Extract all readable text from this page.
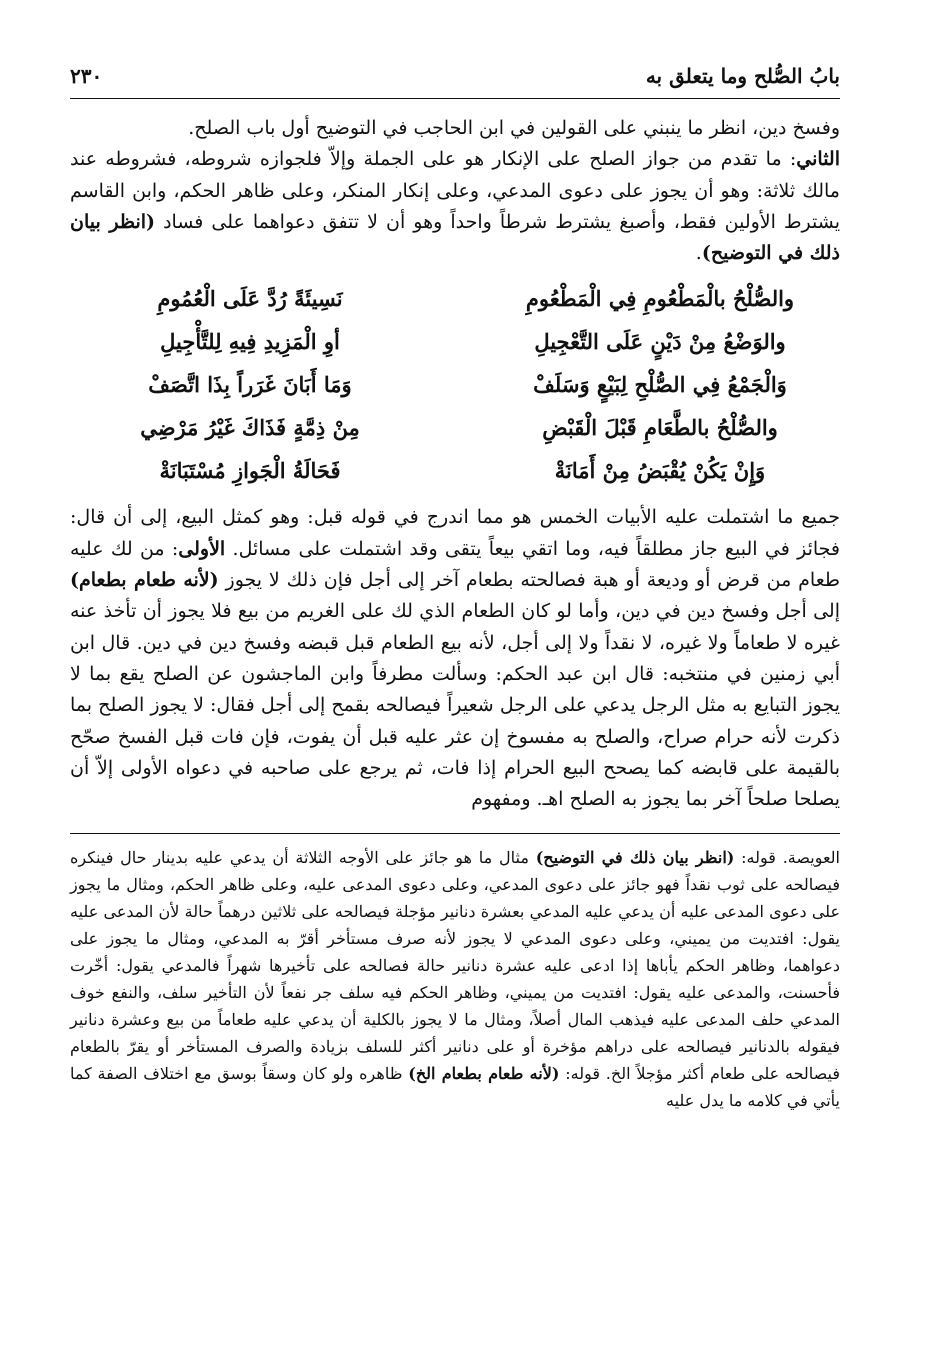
بابُ الصُّلح وما يتعلق به
٢٣٠

وفسخ دين، انظر ما ينبني على القولين في ابن الحاجب في التوضيح أول باب الصلح.

الثاني: ما تقدم من جواز الصلح على الإنكار هو على الجملة وإلاّ فلجوازه شروطه، فشروطه عند مالك ثلاثة: وهو أن يجوز على دعوى المدعي، وعلى إنكار المنكر، وعلى ظاهر الحكم، وابن القاسم يشترط الأولين فقط، وأصبغ يشترط شرطاً واحداً وهو أن لا تتفق دعواهما على فساد (انظر بيان ذلك في التوضيح).

والصُّلْحُ بالْمَطْعُومِ فِي الْمَطْعُومِ
نَسِيئَةً رُدَّ عَلَى الْعُمُومِ
والوَضْعُ مِنْ دَيْنٍ عَلَى التَّعْجِيلِ
أوِ الْمَزِيدِ فِيهِ لِلتَّأْجِيلِ
وَالْجَمْعُ فِي الصُّلْحِ لِبَيْعٍ وَسَلَفْ
وَمَا أَبَانَ غَرَراً بِذَا اتَّصَفْ
والصُّلْحُ بالطَّعَامِ قَبْلَ الْقَبْضِ
مِنْ ذِمَّةٍ فَذَاكَ غَيْرُ مَرْضِي
وَإِنْ يَكُنْ يُقْبَضُ مِنْ أَمَانَةْ
فَحَالَةُ الْجَوازِ مُسْتَبَانَةْ

جميع ما اشتملت عليه الأبيات الخمس هو مما اندرج في قوله قبل: وهو كمثل البيع، إلى أن قال: فجائز في البيع جاز مطلقاً فيه، وما اتقي بيعاً يتقى وقد اشتملت على مسائل. الأولى: من لك عليه طعام من قرض أو وديعة أو هبة فصالحته بطعام آخر إلى أجل فإن ذلك لا يجوز (لأنه طعام بطعام) إلى أجل وفسخ دين في دين، وأما لو كان الطعام الذي لك على الغريم من بيع فلا يجوز أن تأخذ عنه غيره لا طعاماً ولا غيره، لا نقداً ولا إلى أجل، لأنه بيع الطعام قبل قبضه وفسخ دين في دين. قال ابن أبي زمنين في منتخبه: قال ابن عبد الحكم: وسألت مطرفاً وابن الماجشون عن الصلح يقع بما لا يجوز التبايع به مثل الرجل يدعي على الرجل شعيراً فيصالحه بقمح إلى أجل فقال: لا يجوز الصلح بما ذكرت لأنه حرام صراح، والصلح به مفسوخ إن عثر عليه قبل أن يفوت، فإن فات قبل الفسخ صحّح بالقيمة على قابضه كما يصحح البيع الحرام إذا فات، ثم يرجع على صاحبه في دعواه الأولى إلاّ أن يصلحا صلحاً آخر بما يجوز به الصلح اهـ. ومفهوم

العويصة. قوله: (انظر بيان ذلك في التوضيح) مثال ما هو جائز على الأوجه الثلاثة أن يدعي عليه بدينار حال فينكره فيصالحه على ثوب نقداً فهو جائز على دعوى المدعي، وعلى دعوى المدعى عليه، وعلى ظاهر الحكم، ومثال ما يجوز على دعوى المدعى عليه أن يدعي عليه المدعي بعشرة دنانير مؤجلة فيصالحه على ثلاثين درهماً حالة لأن المدعى عليه يقول: افتديت من يميني، وعلى دعوى المدعي لا يجوز لأنه صرف مستأخر أقرّ به المدعي، ومثال ما يجوز على دعواهما، وظاهر الحكم يأباها إذا ادعى عليه عشرة دنانير حالة فصالحه على تأخيرها شهراً فالمدعي يقول: أخّرت فأحسنت، والمدعى عليه يقول: افتديت من يميني، وظاهر الحكم فيه سلف جر نفعاً لأن التأخير سلف، والنفع خوف المدعي حلف المدعى عليه فيذهب المال أصلاً، ومثال ما لا يجوز بالكلية أن يدعي عليه طعاماً من بيع وعشرة دنانير فيقوله بالدنانير فيصالحه على دراهم مؤخرة أو على دنانير أكثر للسلف بزيادة والصرف المستأخر أو يقرّ بالطعام فيصالحه على طعام أكثر مؤجلاً الخ. قوله: (لأنه طعام بطعام الخ) ظاهره ولو كان وسقاً بوسق مع اختلاف الصفة كما يأتي في كلامه ما يدل عليه
